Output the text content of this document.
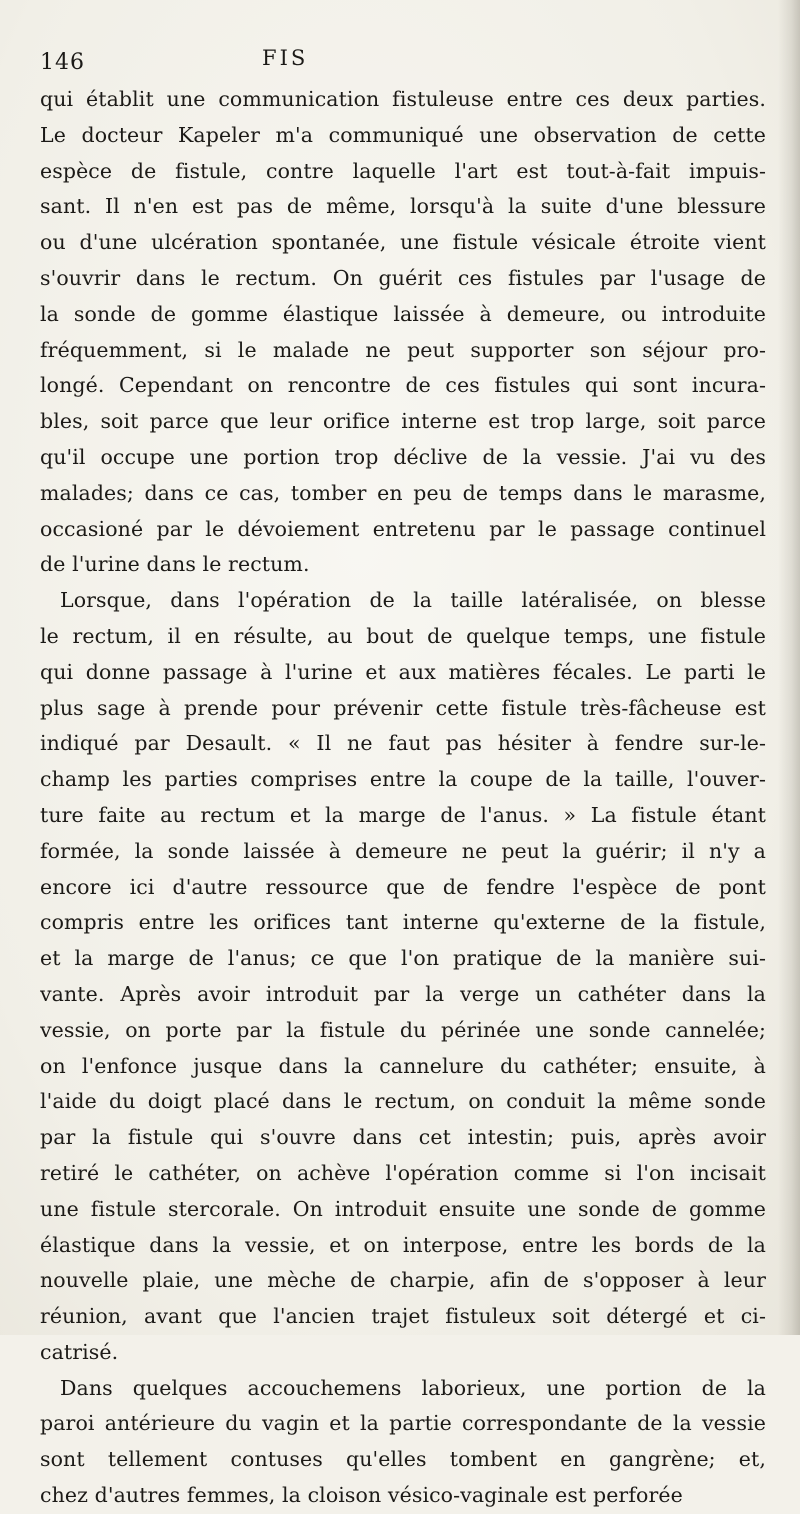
146	FIS
qui établit une communication fistuleuse entre ces deux parties.
Le docteur Kapeler m'a communiqué une observation de cette
espèce de fistule, contre laquelle l'art est tout-à-fait impuis-
sant. Il n'en est pas de même, lorsqu'à la suite d'une blessure
ou d'une ulcération spontanée, une fistule vésicale étroite vient
s'ouvrir dans le rectum. On guérit ces fistules par l'usage de
la sonde de gomme élastique laissée à demeure, ou introduite
fréquemment, si le malade ne peut supporter son séjour pro-
longé. Cependant on rencontre de ces fistules qui sont incura-
bles, soit parce que leur orifice interne est trop large, soit parce
qu'il occupe une portion trop déclive de la vessie. J'ai vu des
malades; dans ce cas, tomber en peu de temps dans le marasme,
occasioné par le dévoiement entretenu par le passage continuel
de l'urine dans le rectum.
Lorsque, dans l'opération de la taille latéralisée, on blesse
le rectum, il en résulte, au bout de quelque temps, une fistule
qui donne passage à l'urine et aux matières fécales. Le parti le
plus sage à prende pour prévenir cette fistule très-fâcheuse est
indiqué par Desault. « Il ne faut pas hésiter à fendre sur-le-
champ les parties comprises entre la coupe de la taille, l'ouver-
ture faite au rectum et la marge de l'anus. » La fistule étant
formée, la sonde laissée à demeure ne peut la guérir; il n'y a
encore ici d'autre ressource que de fendre l'espèce de pont
compris entre les orifices tant interne qu'externe de la fistule,
et la marge de l'anus; ce que l'on pratique de la manière sui-
vante. Après avoir introduit par la verge un cathéter dans la
vessie, on porte par la fistule du périnée une sonde cannelée;
on l'enfonce jusque dans la cannelure du cathéter; ensuite, à
l'aide du doigt placé dans le rectum, on conduit la même sonde
par la fistule qui s'ouvre dans cet intestin; puis, après avoir
retiré le cathéter, on achève l'opération comme si l'on incisait
une fistule stercorale. On introduit ensuite une sonde de gomme
élastique dans la vessie, et on interpose, entre les bords de la
nouvelle plaie, une mèche de charpie, afin de s'opposer à leur
réunion, avant que l'ancien trajet fistuleux soit détergé et ci-
catrisé.
Dans quelques accouchemens laborieux, une portion de la
paroi antérieure du vagin et la partie correspondante de la vessie
sont tellement contuses qu'elles tombent en gangrène; et,
chez d'autres femmes, la cloison vésico-vaginale est perforée
